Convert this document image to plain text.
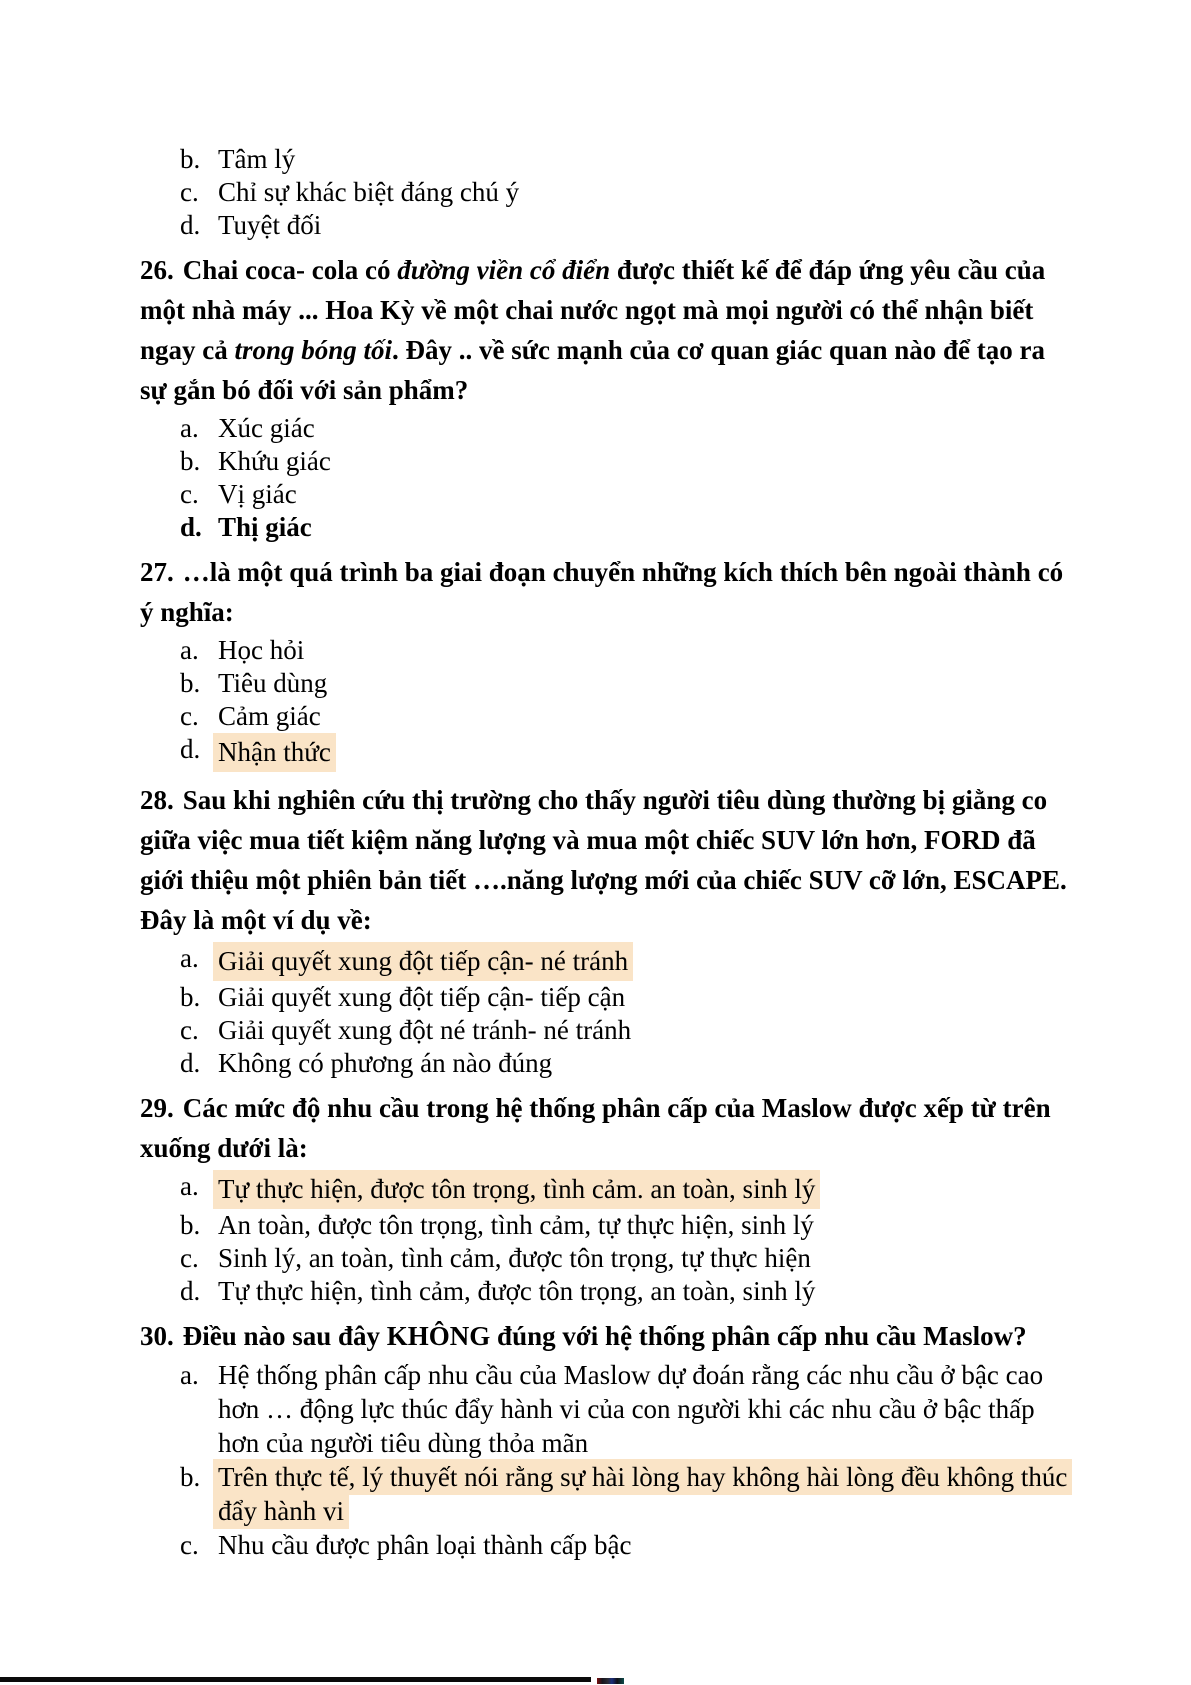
b. Tâm lý
c. Chỉ sự khác biệt đáng chú ý
d. Tuyệt đối
26. Chai coca- cola có đường viền cổ điển được thiết kế để đáp ứng yêu cầu của
một nhà máy ... Hoa Kỳ về một chai nước ngọt mà mọi người có thể nhận biết
ngay cả trong bóng tối. Đây .. về sức mạnh của cơ quan giác quan nào để tạo ra
sự gắn bó đối với sản phẩm?
a. Xúc giác
b. Khứu giác
c. Vị giác
d. Thị giác
27. …là một quá trình ba giai đoạn chuyển những kích thích bên ngoài thành có
ý nghĩa:
a. Học hỏi
b. Tiêu dùng
c. Cảm giác
d. Nhận thức
28. Sau khi nghiên cứu thị trường cho thấy người tiêu dùng thường bị giằng co
giữa việc mua tiết kiệm năng lượng và mua một chiếc SUV lớn hơn, FORD đã
giới thiệu một phiên bản tiết ….năng lượng mới của chiếc SUV cỡ lớn, ESCAPE.
Đây là một ví dụ về:
a. Giải quyết xung đột tiếp cận- né tránh
b. Giải quyết xung đột tiếp cận- tiếp cận
c. Giải quyết xung đột né tránh- né tránh
d. Không có phương án nào đúng
29. Các mức độ nhu cầu trong hệ thống phân cấp của Maslow được xếp từ trên
xuống dưới là:
a. Tự thực hiện, được tôn trọng, tình cảm. an toàn, sinh lý
b. An toàn, được tôn trọng, tình cảm, tự thực hiện, sinh lý
c. Sinh lý, an toàn, tình cảm, được tôn trọng, tự thực hiện
d. Tự thực hiện, tình cảm, được tôn trọng, an toàn, sinh lý
30. Điều nào sau đây KHÔNG đúng với hệ thống phân cấp nhu cầu Maslow?
a. Hệ thống phân cấp nhu cầu của Maslow dự đoán rằng các nhu cầu ở bậc cao
hơn … động lực thúc đẩy hành vi của con người khi các nhu cầu ở bậc thấp
hơn của người tiêu dùng thỏa mãn
b. Trên thực tế, lý thuyết nói rằng sự hài lòng hay không hài lòng đều không thúc
đẩy hành vi
c. Nhu cầu được phân loại thành cấp bậc
